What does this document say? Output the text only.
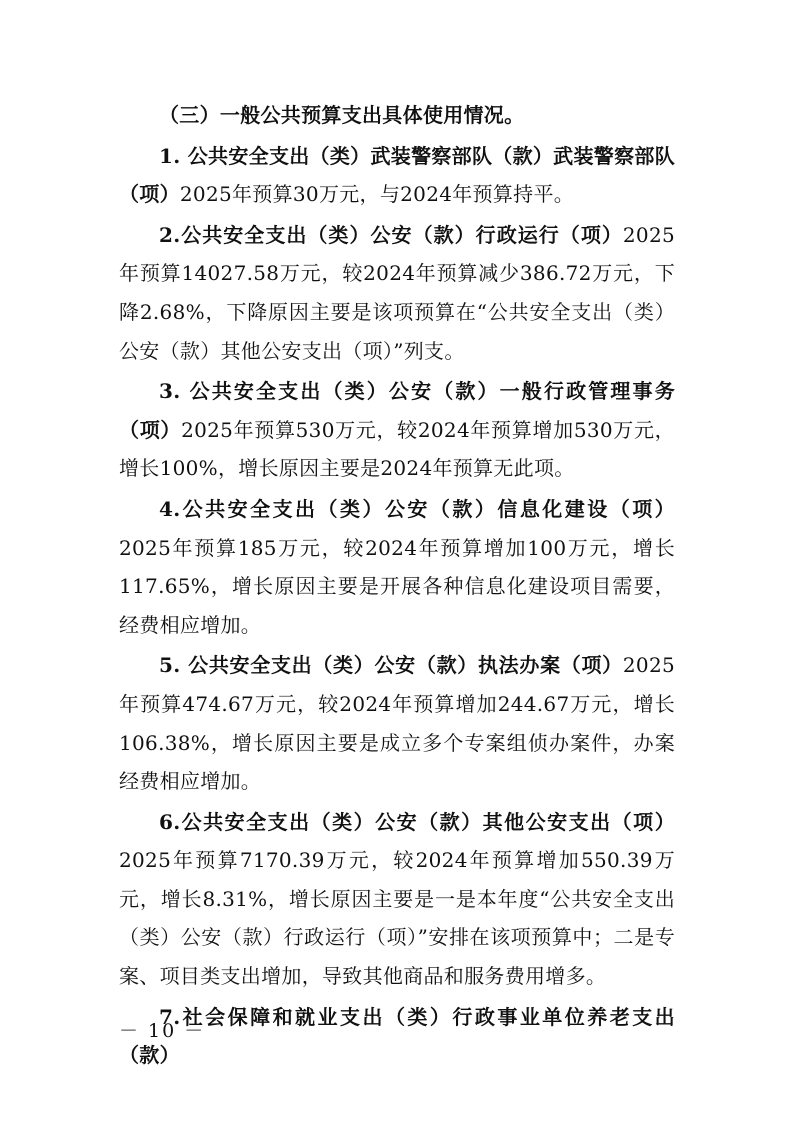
（三）一般公共预算支出具体使用情况。

1. 公共安全支出（类）武装警察部队（款）武装警察部队（项）2025年预算30万元，与2024年预算持平。

2.公共安全支出（类）公安（款）行政运行（项）2025年预算14027.58万元，较2024年预算减少386.72万元，下降2.68%，下降原因主要是该项预算在“公共安全支出（类）公安（款）其他公安支出（项）”列支。

3. 公共安全支出（类）公安（款）一般行政管理事务（项）2025年预算530万元，较2024年预算增加530万元，增长100%，增长原因主要是2024年预算无此项。

4.公共安全支出（类）公安（款）信息化建设（项）2025年预算185万元，较2024年预算增加100万元，增长117.65%，增长原因主要是开展各种信息化建设项目需要，经费相应增加。

5. 公共安全支出（类）公安（款）执法办案（项）2025年预算474.67万元，较2024年预算增加244.67万元，增长106.38%，增长原因主要是成立多个专案组侦办案件，办案经费相应增加。

6.公共安全支出（类）公安（款）其他公安支出（项）2025年预算7170.39万元，较2024年预算增加550.39万元，增长8.31%，增长原因主要是一是本年度“公共安全支出（类）公安（款）行政运行（项）”安排在该项预算中；二是专案、项目类支出增加，导致其他商品和服务费用增多。

7.社会保障和就业支出（类）行政事业单位养老支出（款）

－ 10 －
